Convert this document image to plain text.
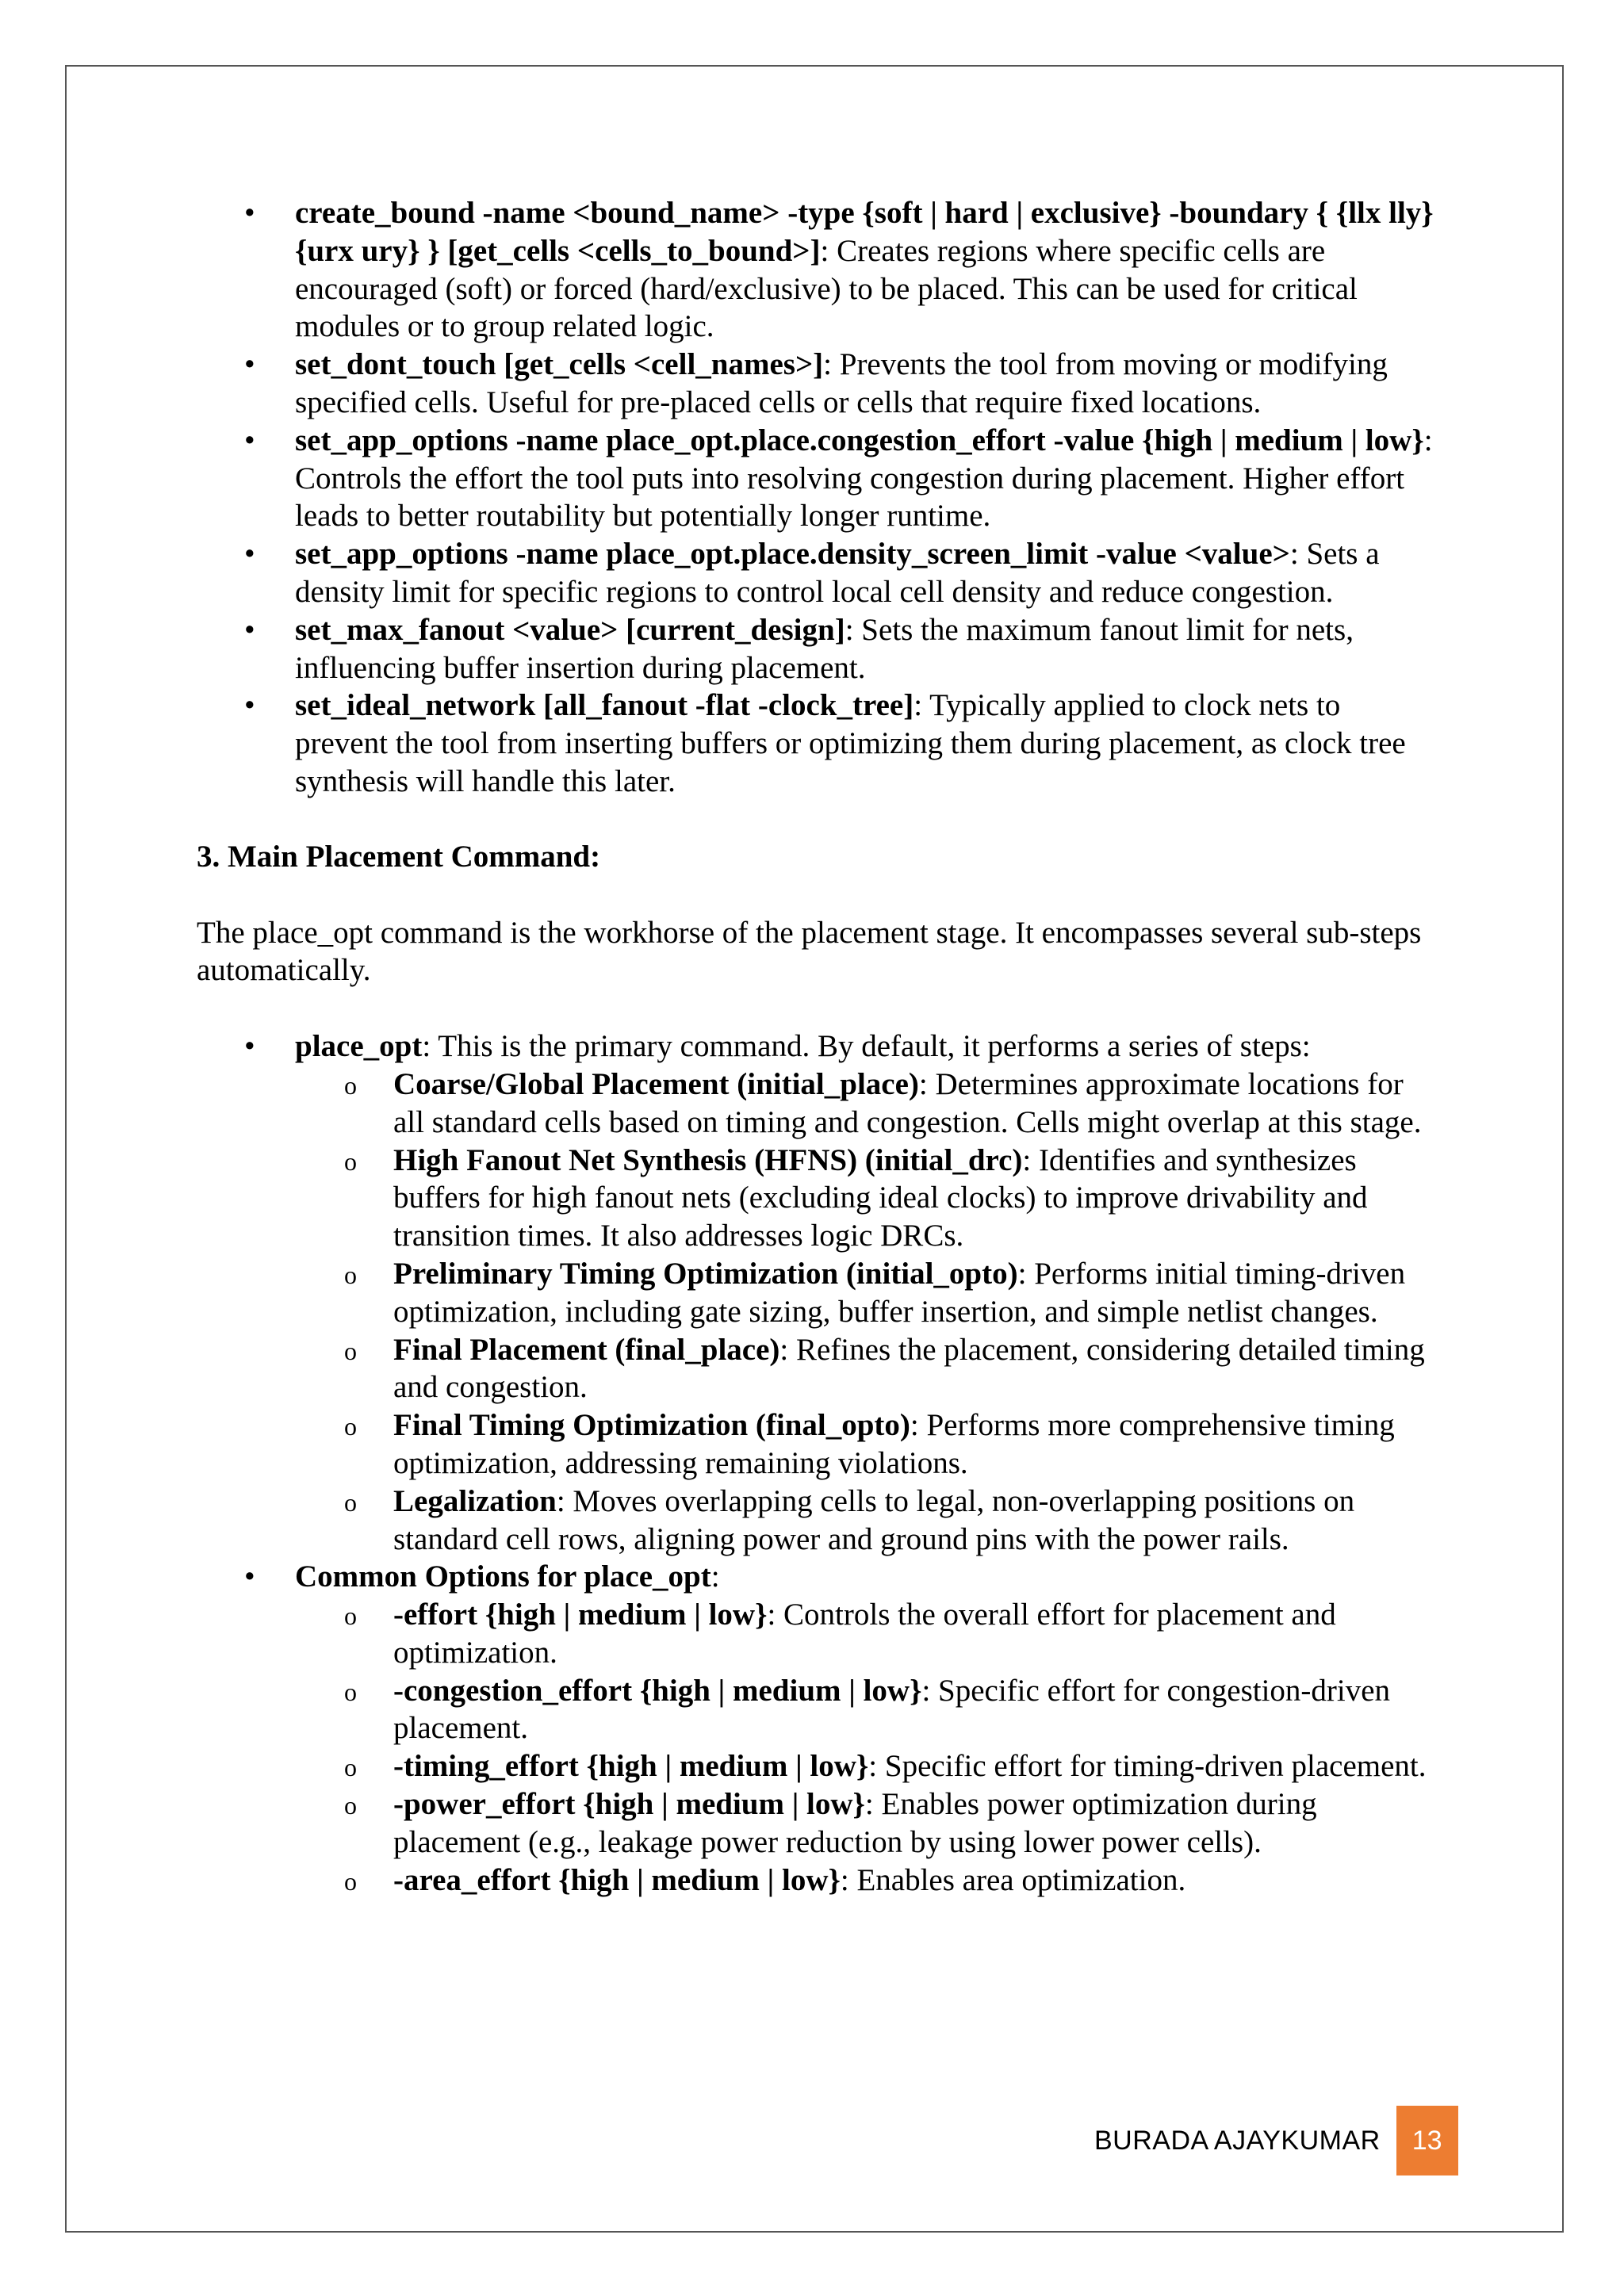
• create_bound -name <bound_name> -type {soft | hard | exclusive} -boundary { {llx lly} {urx ury} } [get_cells <cells_to_bound>]: Creates regions where specific cells are encouraged (soft) or forced (hard/exclusive) to be placed. This can be used for critical modules or to group related logic.
• set_dont_touch [get_cells <cell_names>]: Prevents the tool from moving or modifying specified cells. Useful for pre-placed cells or cells that require fixed locations.
• set_app_options -name place_opt.place.congestion_effort -value {high | medium | low}: Controls the effort the tool puts into resolving congestion during placement. Higher effort leads to better routability but potentially longer runtime.
• set_app_options -name place_opt.place.density_screen_limit -value <value>: Sets a density limit for specific regions to control local cell density and reduce congestion.
• set_max_fanout <value> [current_design]: Sets the maximum fanout limit for nets, influencing buffer insertion during placement.
• set_ideal_network [all_fanout -flat -clock_tree]: Typically applied to clock nets to prevent the tool from inserting buffers or optimizing them during placement, as clock tree synthesis will handle this later.
3. Main Placement Command:
The place_opt command is the workhorse of the placement stage. It encompasses several sub-steps automatically.
• place_opt: This is the primary command. By default, it performs a series of steps:
o Coarse/Global Placement (initial_place): Determines approximate locations for all standard cells based on timing and congestion. Cells might overlap at this stage.
o High Fanout Net Synthesis (HFNS) (initial_drc): Identifies and synthesizes buffers for high fanout nets (excluding ideal clocks) to improve drivability and transition times. It also addresses logic DRCs.
o Preliminary Timing Optimization (initial_opto): Performs initial timing-driven optimization, including gate sizing, buffer insertion, and simple netlist changes.
o Final Placement (final_place): Refines the placement, considering detailed timing and congestion.
o Final Timing Optimization (final_opto): Performs more comprehensive timing optimization, addressing remaining violations.
o Legalization: Moves overlapping cells to legal, non-overlapping positions on standard cell rows, aligning power and ground pins with the power rails.
• Common Options for place_opt:
o -effort {high | medium | low}: Controls the overall effort for placement and optimization.
o -congestion_effort {high | medium | low}: Specific effort for congestion-driven placement.
o -timing_effort {high | medium | low}: Specific effort for timing-driven placement.
o -power_effort {high | medium | low}: Enables power optimization during placement (e.g., leakage power reduction by using lower power cells).
o -area_effort {high | medium | low}: Enables area optimization.
BURADA AJAYKUMAR	13
